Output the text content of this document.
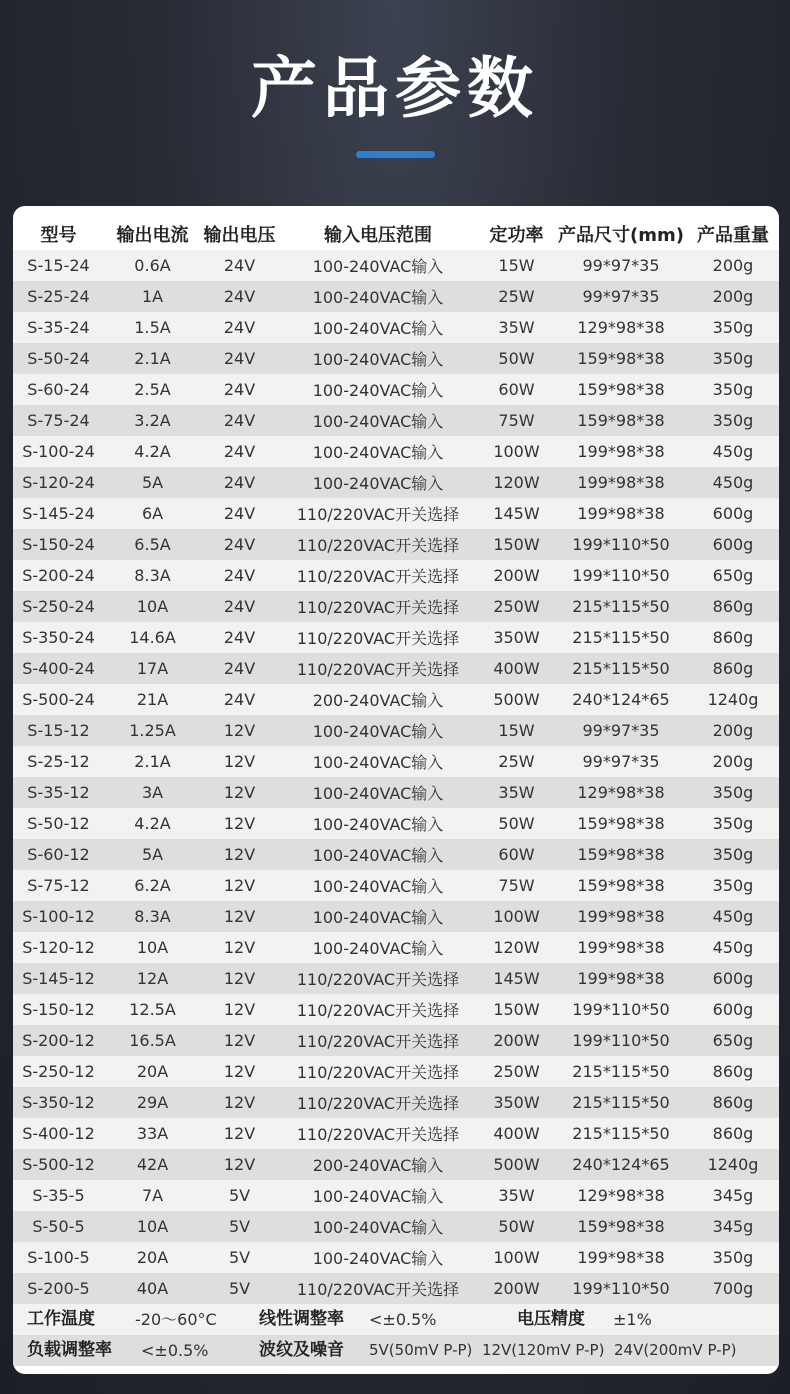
产品参数
型号	输出电流	输出电压	输入电压范围	定功率	产品尺寸(mm)	产品重量
S-15-24	0.6A	24V	100-240VAC输入	15W	99*97*35	200g
S-25-24	1A	24V	100-240VAC输入	25W	99*97*35	200g
S-35-24	1.5A	24V	100-240VAC输入	35W	129*98*38	350g
S-50-24	2.1A	24V	100-240VAC输入	50W	159*98*38	350g
S-60-24	2.5A	24V	100-240VAC输入	60W	159*98*38	350g
S-75-24	3.2A	24V	100-240VAC输入	75W	159*98*38	350g
S-100-24	4.2A	24V	100-240VAC输入	100W	199*98*38	450g
S-120-24	5A	24V	100-240VAC输入	120W	199*98*38	450g
S-145-24	6A	24V	110/220VAC开关选择	145W	199*98*38	600g
S-150-24	6.5A	24V	110/220VAC开关选择	150W	199*110*50	600g
S-200-24	8.3A	24V	110/220VAC开关选择	200W	199*110*50	650g
S-250-24	10A	24V	110/220VAC开关选择	250W	215*115*50	860g
S-350-24	14.6A	24V	110/220VAC开关选择	350W	215*115*50	860g
S-400-24	17A	24V	110/220VAC开关选择	400W	215*115*50	860g
S-500-24	21A	24V	200-240VAC输入	500W	240*124*65	1240g
S-15-12	1.25A	12V	100-240VAC输入	15W	99*97*35	200g
S-25-12	2.1A	12V	100-240VAC输入	25W	99*97*35	200g
S-35-12	3A	12V	100-240VAC输入	35W	129*98*38	350g
S-50-12	4.2A	12V	100-240VAC输入	50W	159*98*38	350g
S-60-12	5A	12V	100-240VAC输入	60W	159*98*38	350g
S-75-12	6.2A	12V	100-240VAC输入	75W	159*98*38	350g
S-100-12	8.3A	12V	100-240VAC输入	100W	199*98*38	450g
S-120-12	10A	12V	100-240VAC输入	120W	199*98*38	450g
S-145-12	12A	12V	110/220VAC开关选择	145W	199*98*38	600g
S-150-12	12.5A	12V	110/220VAC开关选择	150W	199*110*50	600g
S-200-12	16.5A	12V	110/220VAC开关选择	200W	199*110*50	650g
S-250-12	20A	12V	110/220VAC开关选择	250W	215*115*50	860g
S-350-12	29A	12V	110/220VAC开关选择	350W	215*115*50	860g
S-400-12	33A	12V	110/220VAC开关选择	400W	215*115*50	860g
S-500-12	42A	12V	200-240VAC输入	500W	240*124*65	1240g
S-35-5	7A	5V	100-240VAC输入	35W	129*98*38	345g
S-50-5	10A	5V	100-240VAC输入	50W	159*98*38	345g
S-100-5	20A	5V	100-240VAC输入	100W	199*98*38	350g
S-200-5	40A	5V	110/220VAC开关选择	200W	199*110*50	700g
工作温度	-20～60°C 线性调整率 <±0.5%	电压精度 ±1%
负载调整率 <±0.5%	波纹及噪音 5V(50mV P-P)  12V(120mV P-P)  24V(200mV P-P)
